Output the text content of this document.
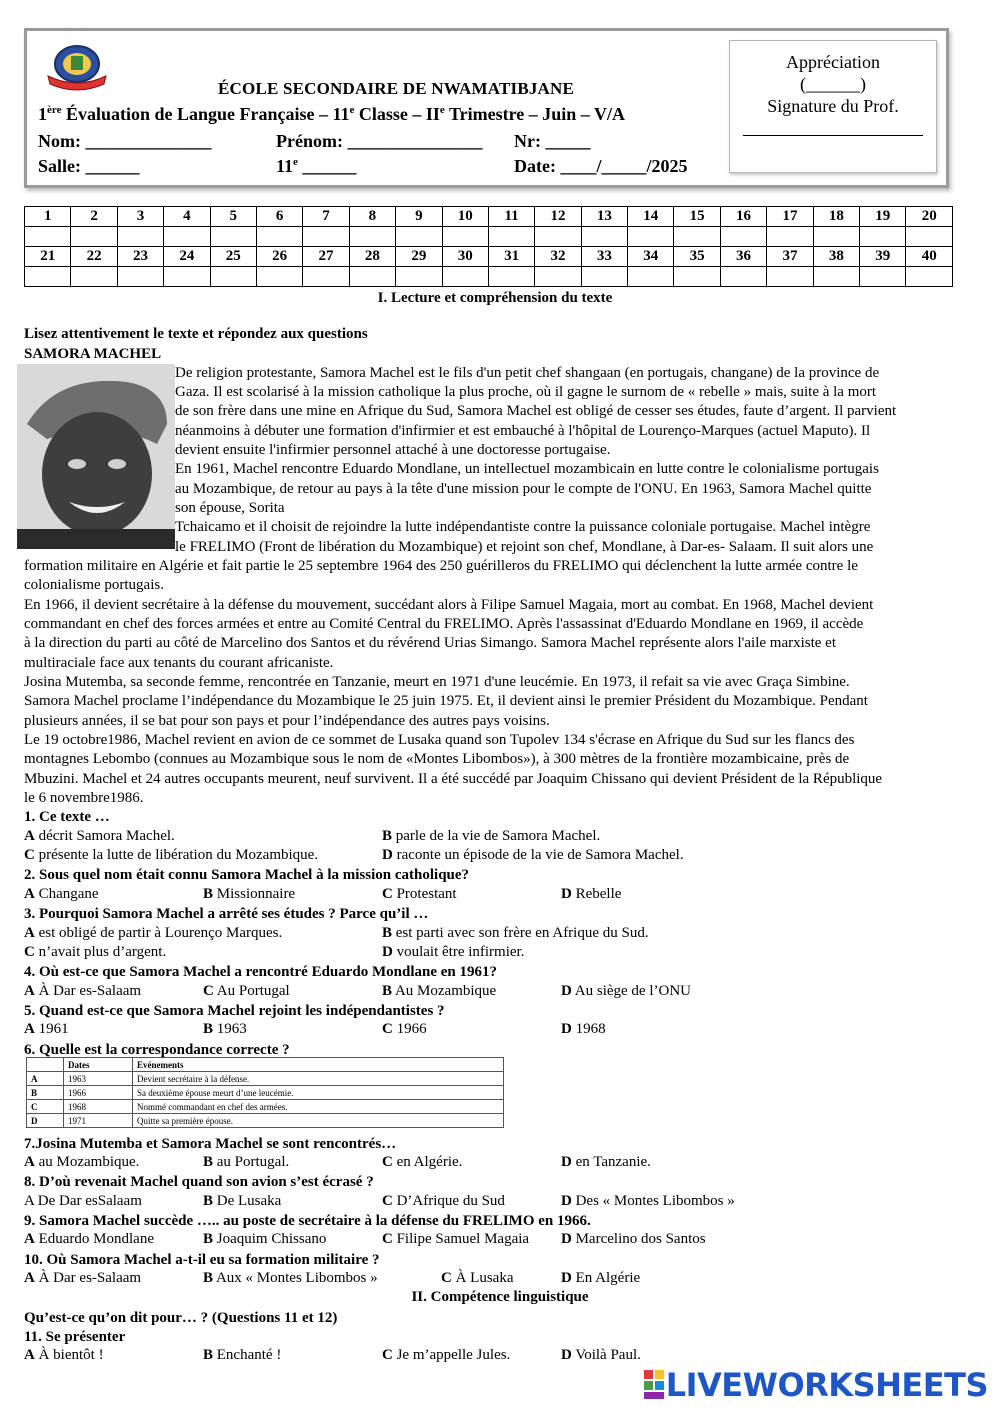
ÉCOLE SECONDAIRE DE NWAMATIBJANE
1ère Évaluation de Langue Française – 11e Classe – IIe Trimestre – Juin – V/A
Nom: ______________	Prénom: _______________ Nr: _____
Salle: ______	11e ______	Date: ____/_____/2025
Appréciation
(______)
Signature du Prof.
1	2	3	4	5	6	7	8	9	10	11	12	13	14	15	16	17	18	19	20

21	22	23	24	25	26	27	28	29	30	31	32	33	34	35	36	37	38	39	40

I. Lecture et compréhension du texte
Lisez attentivement le texte et répondez aux questions
SAMORA MACHEL
De religion protestante, Samora Machel est le fils d'un petit chef shangaan (en portugais, changane) de la province de
Gaza. Il est scolarisé à la mission catholique la plus proche, où il gagne le surnom de « rebelle » mais, suite à la mort
de son frère dans une mine en Afrique du Sud, Samora Machel est obligé de cesser ses études, faute d’argent. Il parvient
néanmoins à débuter une formation d'infirmier et est embauché à l'hôpital de Lourenço-Marques (actuel Maputo). Il
devient ensuite l'infirmier personnel attaché à une doctoresse portugaise.
En 1961, Machel rencontre Eduardo Mondlane, un intellectuel mozambicain en lutte contre le colonialisme portugais
au Mozambique, de retour au pays à la tête d'une mission pour le compte de l'ONU. En 1963, Samora Machel quitte
son épouse, Sorita
Tchaicamo et il choisit de rejoindre la lutte indépendantiste contre la puissance coloniale portugaise. Machel intègre
le FRELIMO (Front de libération du Mozambique) et rejoint son chef, Mondlane, à Dar-es- Salaam. Il suit alors une
formation militaire en Algérie et fait partie le 25 septembre 1964 des 250 guérilleros du FRELIMO qui déclenchent la lutte armée contre le
colonialisme portugais.
En 1966, il devient secrétaire à la défense du mouvement, succédant alors à Filipe Samuel Magaia, mort au combat. En 1968, Machel devient
commandant en chef des forces armées et entre au Comité Central du FRELIMO. Après l'assassinat d'Eduardo Mondlane en 1969, il accède
à la direction du parti au côté de Marcelino dos Santos et du révérend Urias Simango. Samora Machel représente alors l'aile marxiste et
multiraciale face aux tenants du courant africaniste.
Josina Mutemba, sa seconde femme, rencontrée en Tanzanie, meurt en 1971 d'une leucémie. En 1973, il refait sa vie avec Graça Simbine.
Samora Machel proclame l’indépendance du Mozambique le 25 juin 1975. Et, il devient ainsi le premier Président du Mozambique. Pendant
plusieurs années, il se bat pour son pays et pour l’indépendance des autres pays voisins.
Le 19 octobre1986, Machel revient en avion de ce sommet de Lusaka quand son Tupolev 134 s'écrase en Afrique du Sud sur les flancs des
montagnes Lebombo (connues au Mozambique sous le nom de «Montes Libombos»), à 300 mètres de la frontière mozambicaine, près de
Mbuzini. Machel et 24 autres occupants meurent, neuf survivent. Il a été succédé par Joaquim Chissano qui devient Président de la République
le 6 novembre1986.
1. Ce texte …
A décrit Samora Machel.	B parle de la vie de Samora Machel.
C présente la lutte de libération du Mozambique.	D raconte un épisode de la vie de Samora Machel.
2. Sous quel nom était connu Samora Machel à la mission catholique?
A Changane	B Missionnaire	C Protestant	D Rebelle
3. Pourquoi Samora Machel a arrêté ses études ? Parce qu’il …
A est obligé de partir à Lourenço Marques.	B est parti avec son frère en Afrique du Sud.
C n’avait plus d’argent.	D voulait être infirmier.
4. Où est-ce que Samora Machel a rencontré Eduardo Mondlane en 1961?
A À Dar es-Salaam	C Au Portugal	B Au Mozambique	D Au siège de l’ONU
5. Quand est-ce que Samora Machel rejoint les indépendantistes ?
A 1961	B 1963	C 1966	D 1968
6. Quelle est la correspondance correcte ?
	Dates	Evénements
A	1963	Devient secrétaire à la défense.
B	1966	Sa deuxième épouse meurt d’une leucémie.
C	1968	Nommé commandant en chef des armées.
D	1971	Quitte sa première épouse.
7.Josina Mutemba et Samora Machel se sont rencontrés…
A au Mozambique.	B au Portugal.	C en Algérie.	D en Tanzanie.
8. D’où revenait Machel quand son avion s’est écrasé ?
A De Dar esSalaam	B De Lusaka	C D’Afrique du Sud	D Des « Montes Libombos »
9. Samora Machel succède ….. au poste de secrétaire à la défense du FRELIMO en 1966.
A Eduardo Mondlane	B Joaquim Chissano	C Filipe Samuel Magaia D Marcelino dos Santos
10. Où Samora Machel a-t-il eu sa formation militaire ?
A À Dar es-Salaam	B Aux « Montes Libombos »	C À Lusaka	D En Algérie
II. Compétence linguistique
Qu’est-ce qu’on dit pour… ? (Questions 11 et 12)
11. Se présenter
A À bientôt !	B Enchanté !	C Je m’appelle Jules.	D Voilà Paul.
LIVEWORKSHEETS
